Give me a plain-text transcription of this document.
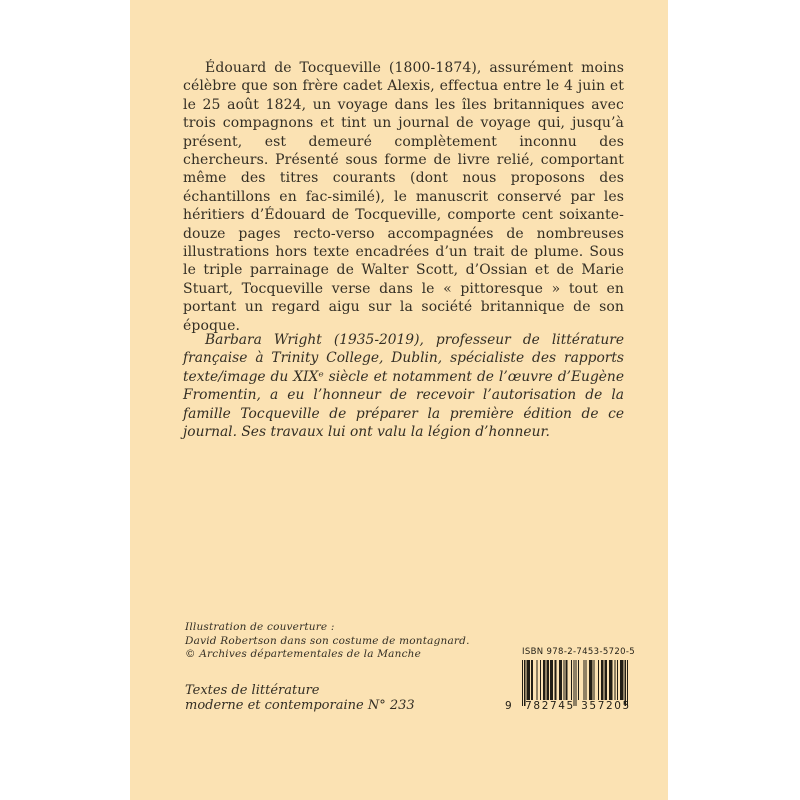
Édouard de Tocqueville (1800-1874), assurément moins célèbre que son frère cadet Alexis, effectua entre le 4 juin et le 25 août 1824, un voyage dans les îles britanniques avec trois compagnons et tint un journal de voyage qui, jusqu’à présent, est demeuré complètement inconnu des chercheurs. Présenté sous forme de livre relié, comportant même des titres courants (dont nous proposons des échantillons en fac-similé), le manuscrit conservé par les héritiers d’Édouard de Tocqueville, comporte cent soixante-douze pages recto-verso accompagnées de nombreuses illustrations hors texte encadrées d’un trait de plume. Sous le triple parrainage de Walter Scott, d’Ossian et de Marie Stuart, Tocqueville verse dans le « pittoresque » tout en portant un regard aigu sur la société britannique de son époque.

Barbara Wright (1935-2019), professeur de littérature française à Trinity College, Dublin, spécialiste des rapports texte/image du XIXᵉ siècle et notamment de l’œuvre d’Eugène Fromentin, a eu l’honneur de recevoir l’autorisation de la famille Tocqueville de préparer la première édition de ce journal. Ses travaux lui ont valu la légion d’honneur.

Illustration de couverture :
David Robertson dans son costume de montagnard.
© Archives départementales de la Manche
Textes de littérature
moderne et contemporaine N° 233
ISBN 978-2-7453-5720-5
9	782745 357205
